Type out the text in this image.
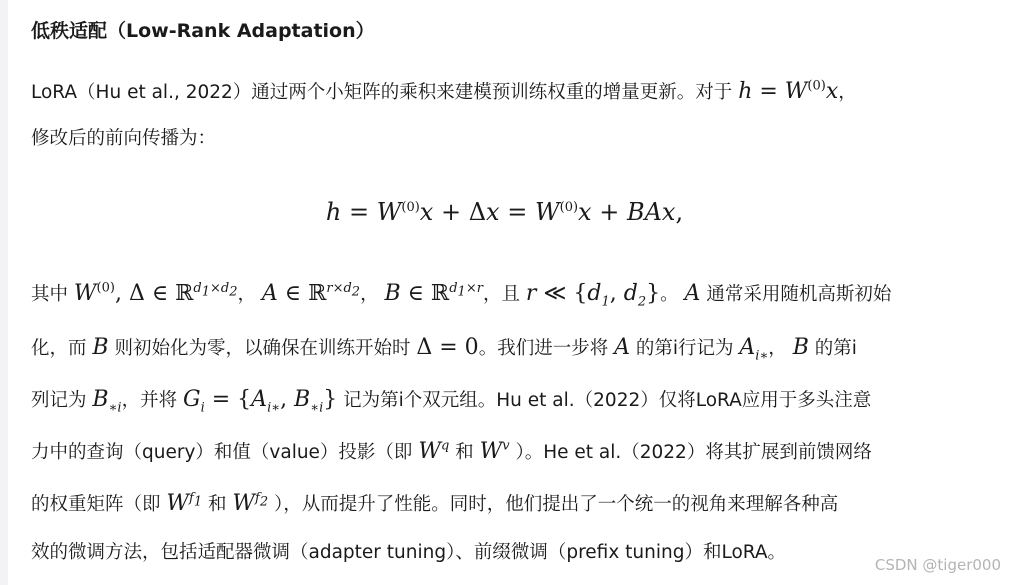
低秩适配（Low-Rank Adaptation）
LoRA（Hu et al., 2022）通过两个小矩阵的乘积来建模预训练权重的增量更新。对于 $h = W^{(0)}x$，
修改后的前向传播为：
$h = W^{(0)}x + \Delta x = W^{(0)}x$ + BAx,
其中 $W^{(0)}$, Δ ∈ ℝ$^{d_1\times d_2}$， A ∈ ℝ$^{r\times d_2}$， B ∈ ℝ$^{d_1\times r}$，且 r ≪ {$d_1$, $d_2$}。 A 通常采用随机高斯初始
化，而 B 则初始化为零，以确保在训练开始时 Δ = 0。我们进一步将 A 的第i行记为 $A_{i∗}$， B 的第i
列记为 $B_{∗i}$，并将 $G_i = \{A_{i∗}$, $B_{∗i}$} 记为第i个双元组。Hu et al.（2022）仅将LoRA应用于多头注意
力中的查询（query）和值（value）投影（即 $W^q$ 和 $W^v$ ）。He et al.（2022）将其扩展到前馈网络
的权重矩阵（即 $W^{f_1}$ 和 $W^{f_2}$ ），从而提升了性能。同时，他们提出了一个统一的视角来理解各种高
效的微调方法，包括适配器微调（adapter tuning）、前缀微调（prefix tuning）和LoRA。
CSDN @tiger000
